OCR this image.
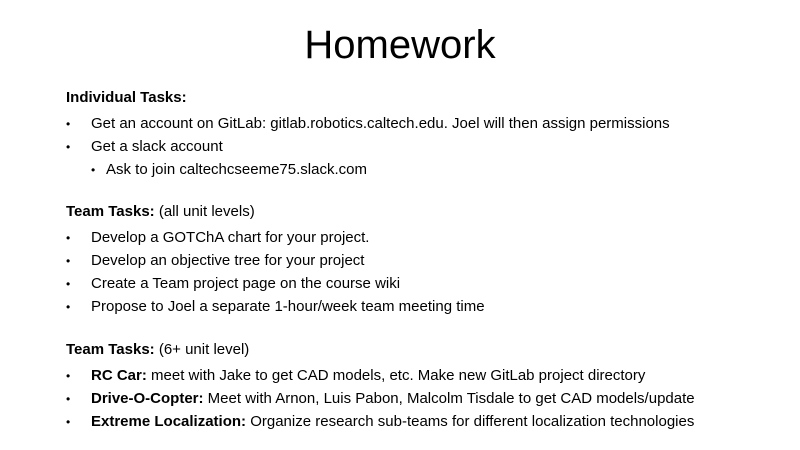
Homework
Individual Tasks:
•	Get an account on GitLab: gitlab.robotics.caltech.edu. Joel will then assign permissions
•	Get a slack account
• Ask to join caltechcseeme75.slack.com
Team Tasks: (all unit levels)
•	Develop a GOTChA chart for your project.
•	Develop an objective tree for your project
•	Create a Team project page on the course wiki
•	Propose to Joel a separate 1-hour/week team meeting time
Team Tasks: (6+ unit level)
•	RC Car: meet with Jake to get CAD models, etc. Make new GitLab project directory
•	Drive-O-Copter: Meet with Arnon, Luis Pabon, Malcolm Tisdale to get CAD models/update
•	Extreme Localization: Organize research sub-teams for different localization technologies
